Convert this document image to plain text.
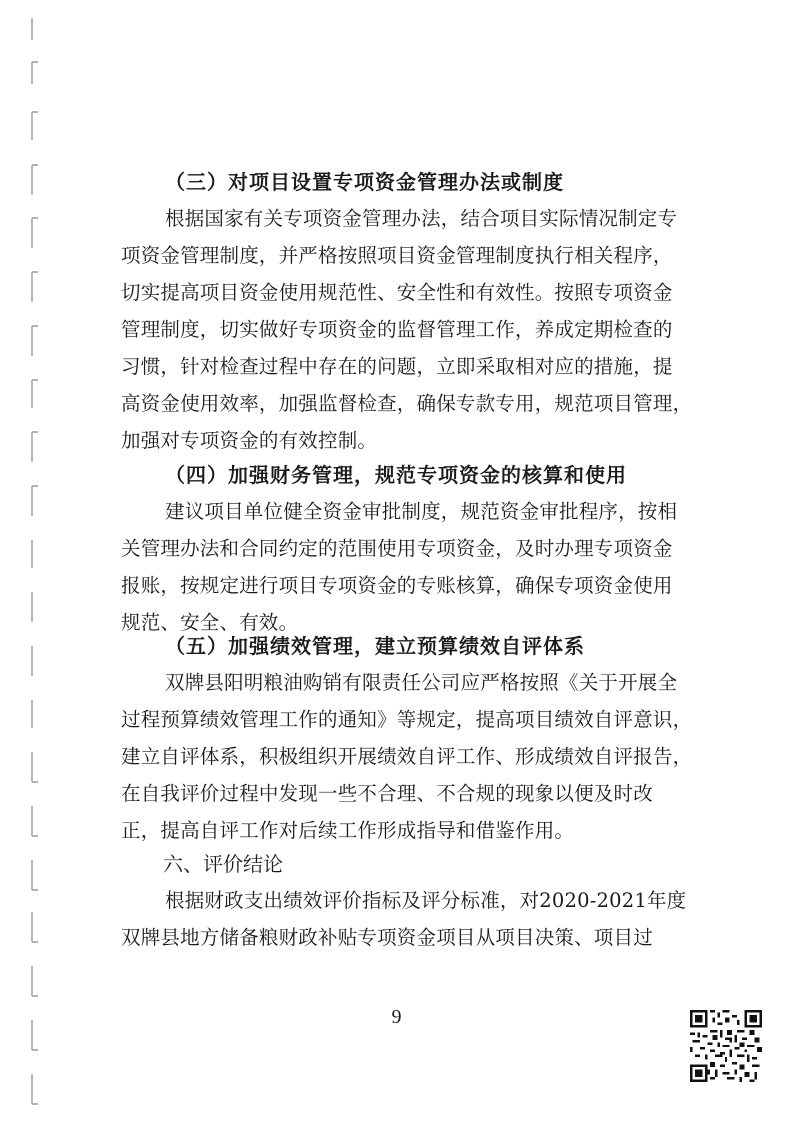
（三）对项目设置专项资金管理办法或制度
根据国家有关专项资金管理办法，结合项目实际情况制定专
项资金管理制度，并严格按照项目资金管理制度执行相关程序，
切实提高项目资金使用规范性、安全性和有效性。按照专项资金
管理制度，切实做好专项资金的监督管理工作，养成定期检查的
习惯，针对检查过程中存在的问题，立即采取相对应的措施，提
高资金使用效率，加强监督检查，确保专款专用，规范项目管理，
加强对专项资金的有效控制。
（四）加强财务管理，规范专项资金的核算和使用
建议项目单位健全资金审批制度，规范资金审批程序，按相
关管理办法和合同约定的范围使用专项资金，及时办理专项资金
报账，按规定进行项目专项资金的专账核算，确保专项资金使用
规范、安全、有效。
（五）加强绩效管理，建立预算绩效自评体系
双牌县阳明粮油购销有限责任公司应严格按照《关于开展全
过程预算绩效管理工作的通知》等规定，提高项目绩效自评意识，
建立自评体系，积极组织开展绩效自评工作、形成绩效自评报告，
在自我评价过程中发现一些不合理、不合规的现象以便及时改
正，提高自评工作对后续工作形成指导和借鉴作用。
六、评价结论
根据财政支出绩效评价指标及评分标准，对2020-2021年度
双牌县地方储备粮财政补贴专项资金项目从项目决策、项目过
9
